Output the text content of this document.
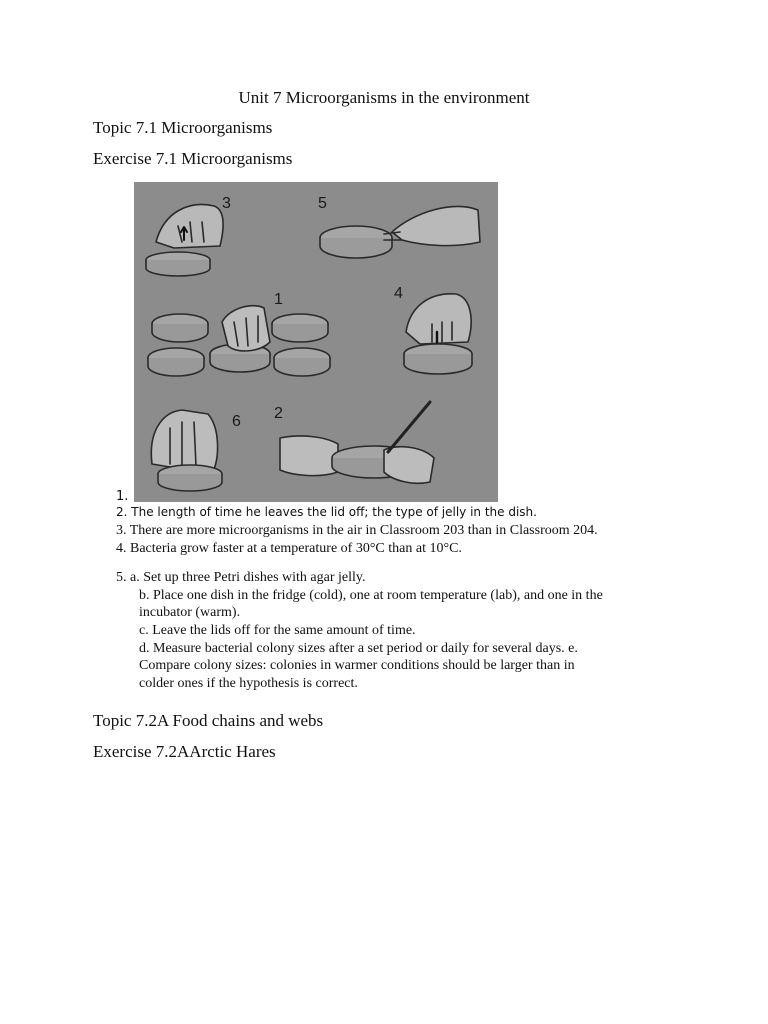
Unit 7 Microorganisms in the environment
Topic 7.1 Microorganisms
Exercise 7.1 Microorganisms
3	5
1	4
6 2
1.
2. The length of time he leaves the lid off; the type of jelly in the dish.
3. There are more microorganisms in the air in Classroom 203 than in Classroom 204.
4. Bacteria grow faster at a temperature of 30°C than at 10°C.
5. a. Set up three Petri dishes with agar jelly.
b. Place one dish in the fridge (cold), one at room temperature (lab), and one in the
incubator (warm).
c. Leave the lids off for the same amount of time.
d. Measure bacterial colony sizes after a set period or daily for several days. e.
Compare colony sizes: colonies in warmer conditions should be larger than in
colder ones if the hypothesis is correct.
Topic 7.2A Food chains and webs
Exercise 7.2AArctic Hares
